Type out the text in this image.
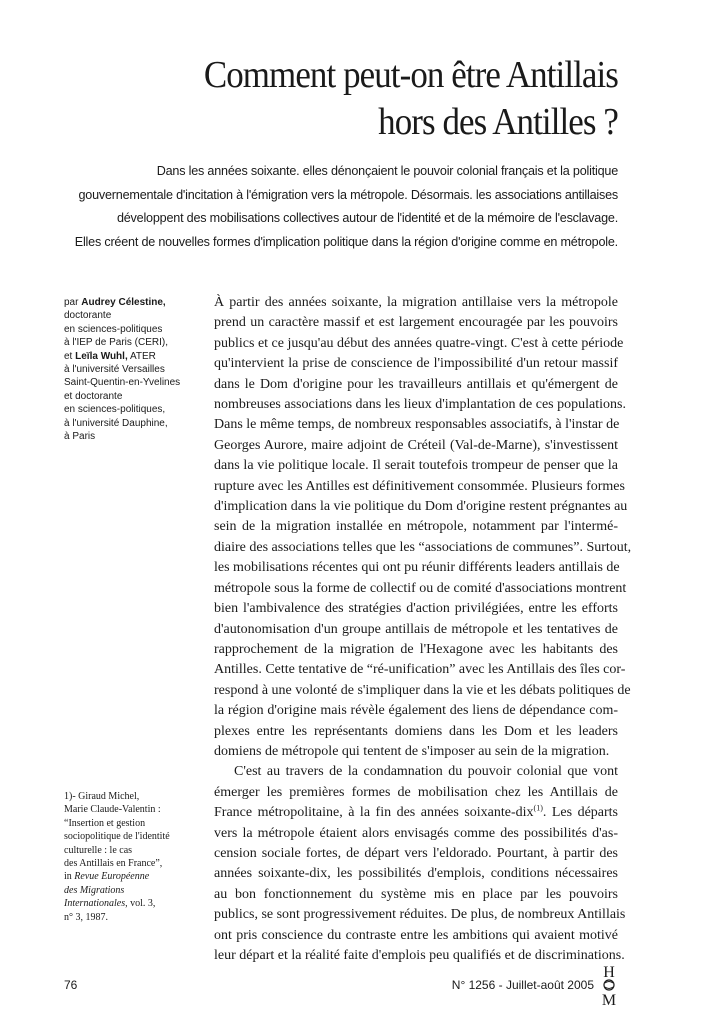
Comment peut-on être Antillais
hors des Antilles ?
Dans les années soixante. elles dénonçaient le pouvoir colonial français et la politique
gouvernementale d'incitation à l'émigration vers la métropole. Désormais. les associations antillaises
développent des mobilisations collectives autour de l'identité et de la mémoire de l'esclavage.
Elles créent de nouvelles formes d'implication politique dans la région d'origine comme en métropole.
par Audrey Célestine,
doctorante
en sciences-politiques
à l'IEP de Paris (CERI),
et Leïla Wuhl, ATER
à l'université Versailles
Saint-Quentin-en-Yvelines
et doctorante
en sciences-politiques,
à l'université Dauphine,
à Paris
1)- Giraud Michel,
Marie Claude-Valentin :
“Insertion et gestion
sociopolitique de l'identité
culturelle : le cas
des Antillais en France”,
in Revue Européenne
des Migrations
Internationales, vol. 3,
n° 3, 1987.
À partir des années soixante, la migration antillaise vers la métropole
prend un caractère massif et est largement encouragée par les pouvoirs
publics et ce jusqu'au début des années quatre-vingt. C'est à cette période
qu'intervient la prise de conscience de l'impossibilité d'un retour massif
dans le Dom d'origine pour les travailleurs antillais et qu'émergent de
nombreuses associations dans les lieux d'implantation de ces populations.
Dans le même temps, de nombreux responsables associatifs, à l'instar de
Georges Aurore, maire adjoint de Créteil (Val-de-Marne), s'investissent
dans la vie politique locale. Il serait toutefois trompeur de penser que la
rupture avec les Antilles est définitivement consommée. Plusieurs formes
d'implication dans la vie politique du Dom d'origine restent prégnantes au
sein de la migration installée en métropole, notamment par l'intermé-
diaire des associations telles que les “associations de communes”. Surtout,
les mobilisations récentes qui ont pu réunir différents leaders antillais de
métropole sous la forme de collectif ou de comité d'associations montrent
bien l'ambivalence des stratégies d'action privilégiées, entre les efforts
d'autonomisation d'un groupe antillais de métropole et les tentatives de
rapprochement de la migration de l'Hexagone avec les habitants des
Antilles. Cette tentative de “ré-unification” avec les Antillais des îles cor-
respond à une volonté de s'impliquer dans la vie et les débats politiques de
la région d'origine mais révèle également des liens de dépendance com-
plexes entre les représentants domiens dans les Dom et les leaders
domiens de métropole qui tentent de s'imposer au sein de la migration.
C'est au travers de la condamnation du pouvoir colonial que vont
émerger les premières formes de mobilisation chez les Antillais de
France métropolitaine, à la fin des années soixante-dix$^{(1)}$. Les départs
vers la métropole étaient alors envisagés comme des possibilités d'as-
cension sociale fortes, de départ vers l'eldorado. Pourtant, à partir des
années soixante-dix, les possibilités d'emplois, conditions nécessaires
au bon fonctionnement du système mis en place par les pouvoirs
publics, se sont progressivement réduites. De plus, de nombreux Antillais
ont pris conscience du contraste entre les ambitions qui avaient motivé
leur départ et la réalité faite d'emplois peu qualifiés et de discriminations.
76	N° 1256 - Juillet-août 2005
H
M
